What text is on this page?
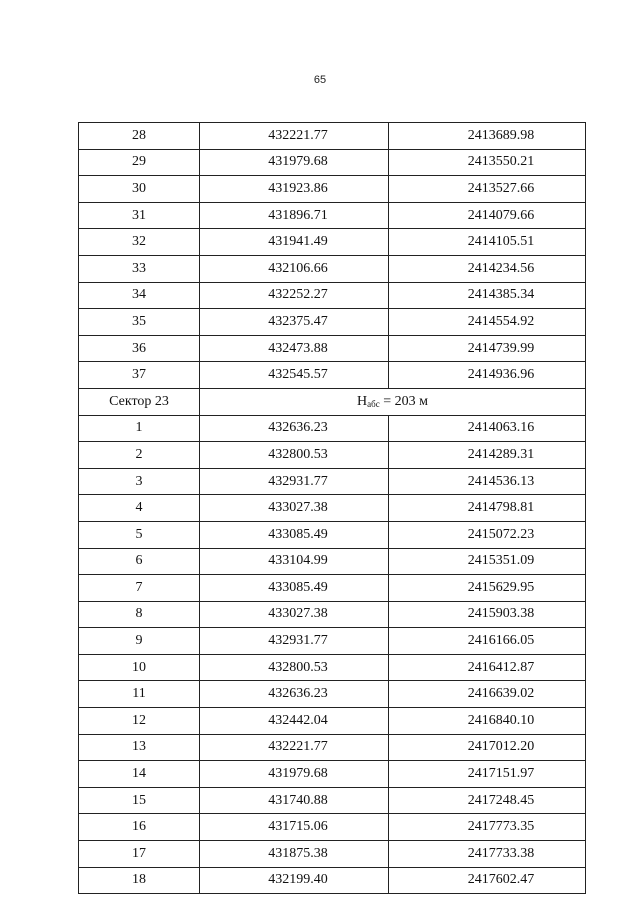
65
28	432221.77	2413689.98
29	431979.68	2413550.21
30	431923.86	2413527.66
31	431896.71	2414079.66
32	431941.49	2414105.51
33	432106.66	2414234.56
34	432252.27	2414385.34
35	432375.47	2414554.92
36	432473.88	2414739.99
37	432545.57	2414936.96
Сектор 23	$H_{абс} = 203$ м	
1	432636.23	2414063.16
2	432800.53	2414289.31
3	432931.77	2414536.13
4	433027.38	2414798.81
5	433085.49	2415072.23
6	433104.99	2415351.09
7	433085.49	2415629.95
8	433027.38	2415903.38
9	432931.77	2416166.05
10	432800.53	2416412.87
11	432636.23	2416639.02
12	432442.04	2416840.10
13	432221.77	2417012.20
14	431979.68	2417151.97
15	431740.88	2417248.45
16	431715.06	2417773.35
17	431875.38	2417733.38
18	432199.40	2417602.47
